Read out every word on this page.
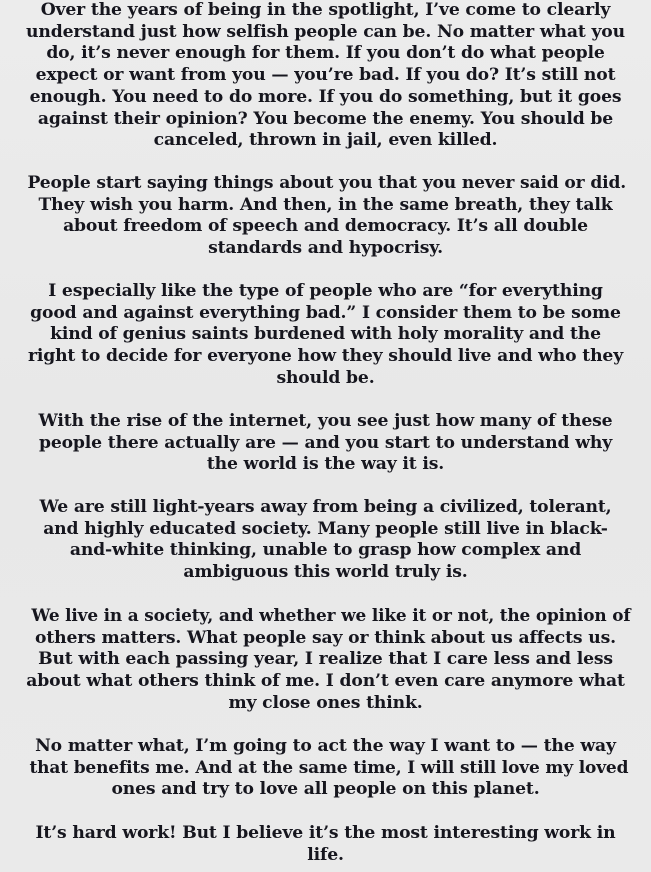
Over the years of being in the spotlight, I’ve come to clearly
understand just how selfish people can be. No matter what you
do, it’s never enough for them. If you don’t do what people
expect or want from you — you’re bad. If you do? It’s still not
enough. You need to do more. If you do something, but it goes
against their opinion? You become the enemy. You should be
canceled, thrown in jail, even killed.

People start saying things about you that you never said or did.
They wish you harm. And then, in the same breath, they talk
about freedom of speech and democracy. It’s all double
standards and hypocrisy.

I especially like the type of people who are “for everything
good and against everything bad.” I consider them to be some
kind of genius saints burdened with holy morality and the
right to decide for everyone how they should live and who they
should be.

With the rise of the internet, you see just how many of these
people there actually are — and you start to understand why
the world is the way it is.

We are still light-years away from being a civilized, tolerant,
and highly educated society. Many people still live in black-
and-white thinking, unable to grasp how complex and
ambiguous this world truly is.

We live in a society, and whether we like it or not, the opinion of
others matters. What people say or think about us affects us.
But with each passing year, I realize that I care less and less
about what others think of me. I don’t even care anymore what
my close ones think.

No matter what, I’m going to act the way I want to — the way
that benefits me. And at the same time, I will still love my loved
ones and try to love all people on this planet.

It’s hard work! But I believe it’s the most interesting work in
life.
